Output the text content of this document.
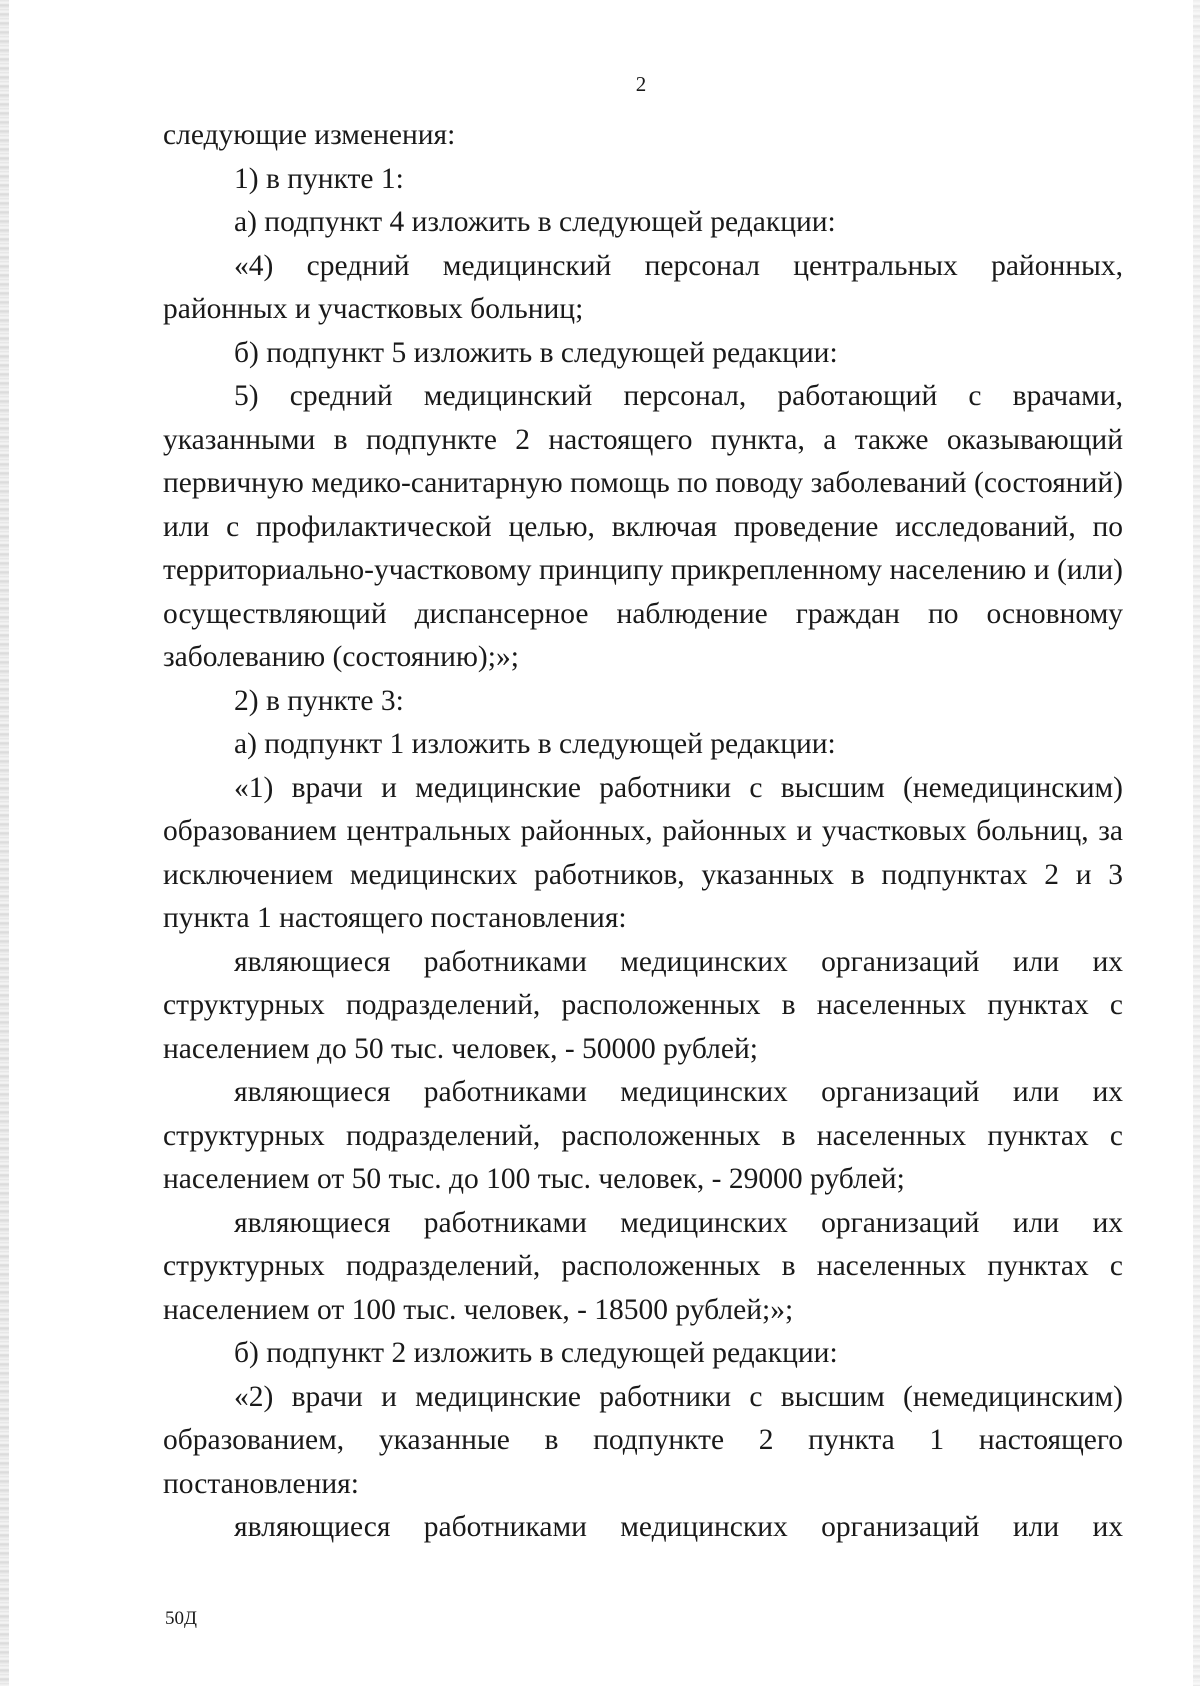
2

следующие изменения:

1) в пункте 1:

а) подпункт 4 изложить в следующей редакции:

«4) средний медицинский персонал центральных районных, районных и участковых больниц;

б) подпункт 5 изложить в следующей редакции:

5) средний медицинский персонал, работающий с врачами, указанными в подпункте 2 настоящего пункта, а также оказывающий первичную медико-санитарную помощь по поводу заболеваний (состояний) или с профилактической целью, включая проведение исследований, по территориально-участковому принципу прикрепленному населению и (или) осуществляющий диспансерное наблюдение граждан по основному заболеванию (состоянию);»;

2) в пункте 3:

а) подпункт 1 изложить в следующей редакции:

«1) врачи и медицинские работники с высшим (немедицинским) образованием центральных районных, районных и участковых больниц, за исключением медицинских работников, указанных в подпунктах 2 и 3 пункта 1 настоящего постановления:

являющиеся работниками медицинских организаций или их структурных подразделений, расположенных в населенных пунктах с населением до 50 тыс. человек, - 50000 рублей;

являющиеся работниками медицинских организаций или их структурных подразделений, расположенных в населенных пунктах с населением от 50 тыс. до 100 тыс. человек, - 29000 рублей;

являющиеся работниками медицинских организаций или их структурных подразделений, расположенных в населенных пунктах с населением от 100 тыс. человек, - 18500 рублей;»;

б) подпункт 2 изложить в следующей редакции:

«2) врачи и медицинские работники с высшим (немедицинским) образованием, указанные в подпункте 2 пункта 1 настоящего постановления:

являющиеся работниками медицинских организаций или их

50Д
